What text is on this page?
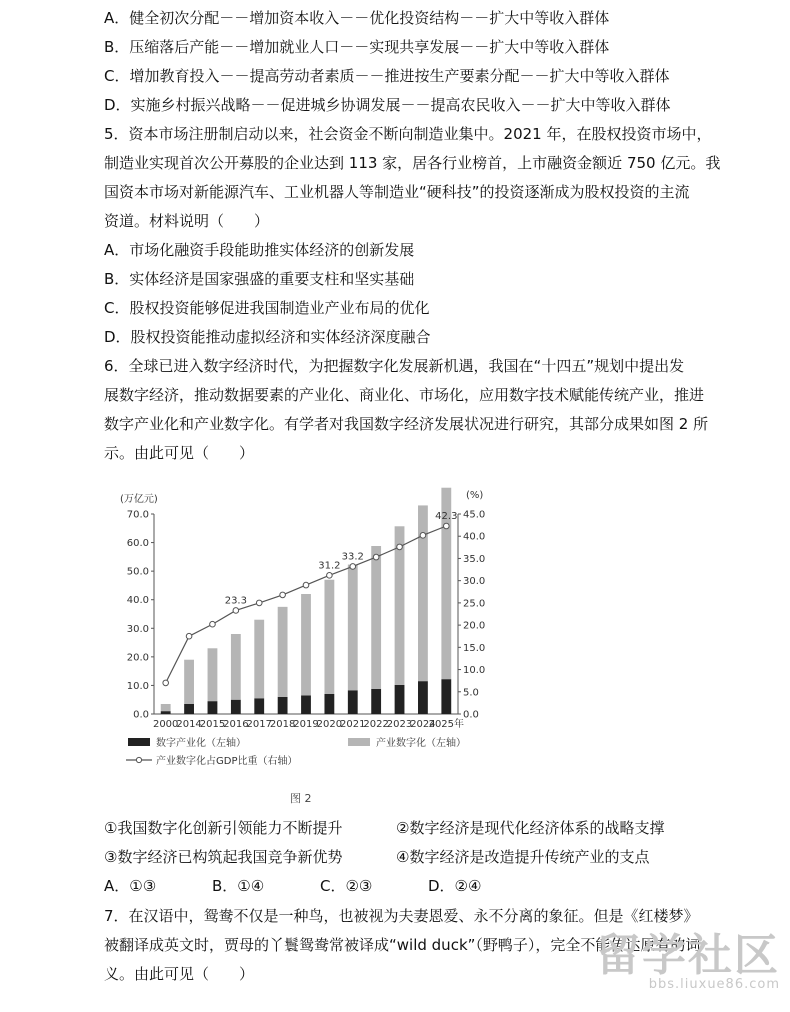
A．健全初次分配－－增加资本收入－－优化投资结构－－扩大中等收入群体
B．压缩落后产能－－增加就业人口－－实现共享发展－－扩大中等收入群体
C．增加教育投入－－提高劳动者素质－－推进按生产要素分配－－扩大中等收入群体
D．实施乡村振兴战略－－促进城乡协调发展－－提高农民收入－－扩大中等收入群体
5．资本市场注册制启动以来，社会资金不断向制造业集中。2021 年，在股权投资市场中，
制造业实现首次公开募股的企业达到 113 家，居各行业榜首，上市融资金额近 750 亿元。我
国资本市场对新能源汽车、工业机器人等制造业“硬科技”的投资逐渐成为股权投资的主流
资道。材料说明（　　）
A．市场化融资手段能助推实体经济的创新发展
B．实体经济是国家强盛的重要支柱和坚实基础
C．股权投资能够促进我国制造业产业布局的优化
D．股权投资能推动虚拟经济和实体经济深度融合
6．全球已进入数字经济时代，为把握数字化发展新机遇，我国在“十四五”规划中提出发
展数字经济，推动数据要素的产业化、商业化、市场化，应用数字技术赋能传统产业，推进
数字产业化和产业数字化。有学者对我国数字经济发展状况进行研究，其部分成果如图 2 所
示。由此可见（　　）
(万亿元)	(%)
0.0
10.0
20.0
30.0
40.0
50.0
60.0
70.0
0.0
5.0
10.0
15.0
20.0
25.0
30.0
35.0
40.0
45.0
2000
2014
2015
2016
2017
2018
2019
2020
2021
2022
2023
2024
2025年
23.3
31.2
33.2
42.3
数字产业化（左轴）	产业数字化（左轴）
产业数字化占GDP比重（右轴）
图 2
①我国数字化创新引领能力不断提升	②数字经济是现代化经济体系的战略支撑
③数字经济已构筑起我国竞争新优势	④数字经济是改造提升传统产业的支点
A．①③	B．①④	C．②③	D．②④
7．在汉语中，鸳鸯不仅是一种鸟，也被视为夫妻恩爱、永不分离的象征。但是《红楼梦》
被翻译成英文时，贾母的丫鬟鸳鸯常被译成“wild duck”（野鸭子），完全不能传达原有的词
义。由此可见（　　）	留学社区
bbs.liuxue86.com
